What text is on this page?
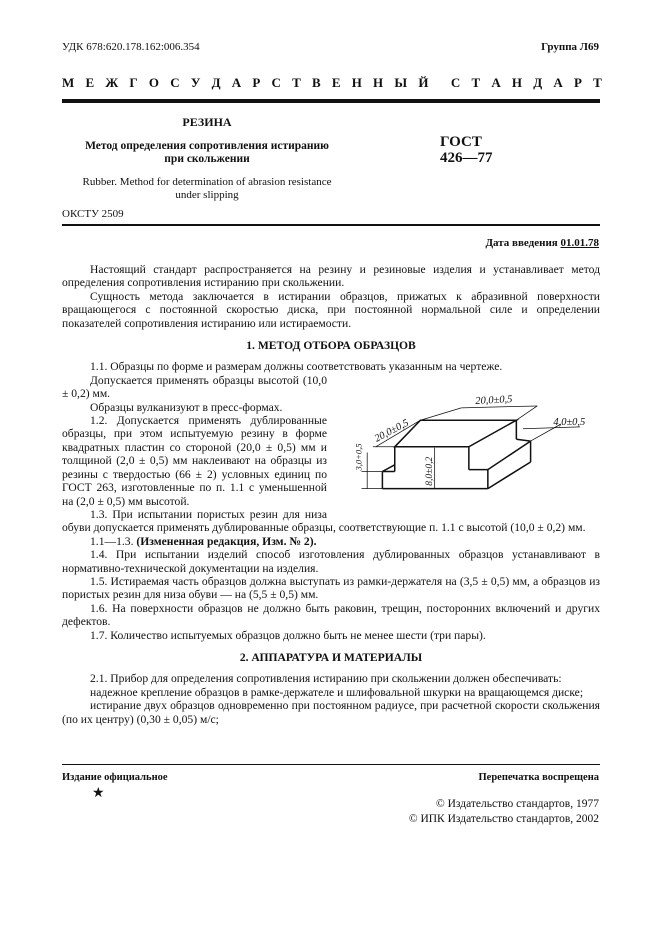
УДК 678:620.178.162:006.354	Группа Л69
М Е Ж Г О С У Д А Р С Т В Е Н Н Ы Й С Т А Н Д А Р Т
РЕЗИНА
Метод определения сопротивления истиранию
при скольжении
Rubber. Method for determination of abrasion resistance
under slipping
ГОСТ
426—77
ОКСТУ 2509
Дата введения 01.01.78

Настоящий стандарт распространяется на резину и резиновые изделия и устанавливает метод определения сопротивления истиранию при скольжении.

Сущность метода заключается в истирании образцов, прижатых к абразивной поверхности вращающегося с постоянной скоростью диска, при постоянной нормальной силе и определении показателей сопротивления истиранию или истираемости.

1. МЕТОД ОТБОРА ОБРАЗЦОВ

1.1. Образцы по форме и размерам должны соответствовать указанным на чертеже.

20,0±0,5
20,0±0,5	4,0±0,5
8,0±0,2
3,0+0,5

Допускается применять образцы высотой (10,0 ± 0,2) мм.

Образцы вулканизуют в пресс-формах.

1.2. Допускается применять дублированные образцы, при этом испытуемую резину в форме квадратных пластин со стороной (20,0 ± 0,5) мм и толщиной (2,0 ± 0,5) мм наклеивают на образцы из резины с твердостью (66 ± 2) условных единиц по ГОСТ 263, изготовленные по п. 1.1 с уменьшенной на (2,0 ± 0,5) мм высотой.

1.3. При испытании пористых резин для низа обуви допускается применять дублированные образцы, соответствующие п. 1.1 с высотой (10,0 ± 0,2) мм.

1.1—1.3. (Измененная редакция, Изм. № 2).

1.4. При испытании изделий способ изготовления дублированных образцов устанавливают в нормативно-технической документации на изделия.

1.5. Истираемая часть образцов должна выступать из рамки-держателя на (3,5 ± 0,5) мм, а образцов из пористых резин для низа обуви — на (5,5 ± 0,5) мм.

1.6. На поверхности образцов не должно быть раковин, трещин, посторонних включений и других дефектов.

1.7. Количество испытуемых образцов должно быть не менее шести (три пары).

2. АППАРАТУРА И МАТЕРИАЛЫ

2.1. Прибор для определения сопротивления истиранию при скольжении должен обеспечивать:

надежное крепление образцов в рамке-держателе и шлифовальной шкурки на вращающемся диске;

истирание двух образцов одновременно при постоянном радиусе, при расчетной скорости скольжения (по их центру) (0,30 ± 0,05) м/с;

Издание официальное	Перепечатка воспрещена
★
© Издательство стандартов, 1977
© ИПК Издательство стандартов, 2002
